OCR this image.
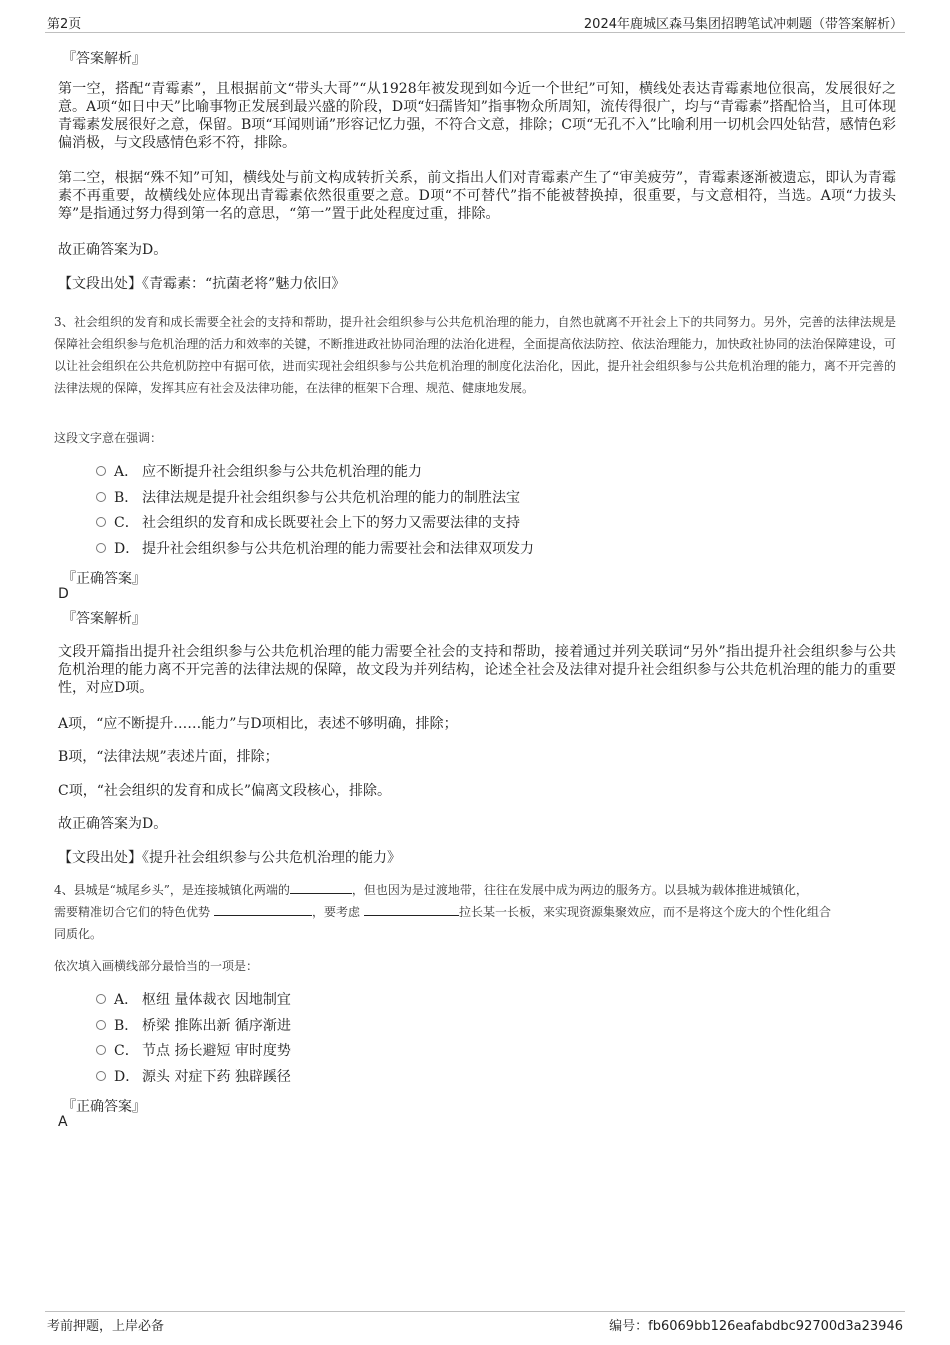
第2页	2024年鹿城区森马集团招聘笔试冲刺题（带答案解析）
『答案解析』
第一空，搭配“青霉素”，且根据前文“带头大哥”“从1928年被发现到如今近一个世纪”可知，横线处表达青霉素地位很高，发展很好之意。A项“如日中天”比喻事物正发展到最兴盛的阶段，D项“妇孺皆知”指事物众所周知，流传得很广，均与“青霉素”搭配恰当，且可体现青霉素发展很好之意，保留。B项“耳闻则诵”形容记忆力强，不符合文意，排除；C项“无孔不入”比喻利用一切机会四处钻营，感情色彩偏消极，与文段感情色彩不符，排除。
第二空，根据“殊不知”可知，横线处与前文构成转折关系，前文指出人们对青霉素产生了“审美疲劳”，青霉素逐渐被遗忘，即认为青霉素不再重要，故横线处应体现出青霉素依然很重要之意。D项“不可替代”指不能被替换掉，很重要，与文意相符，当选。A项“力拔头筹”是指通过努力得到第一名的意思，“第一”置于此处程度过重，排除。
故正确答案为D。
【文段出处】《青霉素：“抗菌老将”魅力依旧》
3、社会组织的发育和成长需要全社会的支持和帮助，提升社会组织参与公共危机治理的能力，自然也就离不开社会上下的共同努力。另外，完善的法律法规是保障社会组织参与危机治理的活力和效率的关键，不断推进政社协同治理的法治化进程，全面提高依法防控、依法治理能力，加快政社协同的法治保障建设，可以让社会组织在公共危机防控中有据可依，进而实现社会组织参与公共危机治理的制度化法治化，因此，提升社会组织参与公共危机治理的能力，离不开完善的法律法规的保障，发挥其应有社会及法律功能，在法律的框架下合理、规范、健康地发展。
这段文字意在强调：
A． 应不断提升社会组织参与公共危机治理的能力
B． 法律法规是提升社会组织参与公共危机治理的能力的制胜法宝
C． 社会组织的发育和成长既要社会上下的努力又需要法律的支持
D． 提升社会组织参与公共危机治理的能力需要社会和法律双项发力
『正确答案』
D
『答案解析』
文段开篇指出提升社会组织参与公共危机治理的能力需要全社会的支持和帮助，接着通过并列关联词“另外”指出提升社会组织参与公共危机治理的能力离不开完善的法律法规的保障，故文段为并列结构，论述全社会及法律对提升社会组织参与公共危机治理的能力的重要性，对应D项。
A项，“应不断提升……能力”与D项相比，表述不够明确，排除；
B项，“法律法规”表述片面，排除；
C项，“社会组织的发育和成长”偏离文段核心，排除。
故正确答案为D。
【文段出处】《提升社会组织参与公共危机治理的能力》
4、县城是“城尾乡头”，是连接城镇化两端的	，但也因为是过渡地带，往往在发展中成为两边的服务方。以县城为载体推进城镇化，
需要精准切合它们的特色优势	，要考虑	拉长某一长板，来实现资源集聚效应，而不是将这个庞大的个性化组合
同质化。
依次填入画横线部分最恰当的一项是：
A． 枢纽 量体裁衣 因地制宜
B． 桥梁 推陈出新 循序渐进
C． 节点 扬长避短 审时度势
D． 源头 对症下药 独辟蹊径
『正确答案』
A
考前押题，上岸必备	编号：fb6069bb126eafabdbc92700d3a23946
